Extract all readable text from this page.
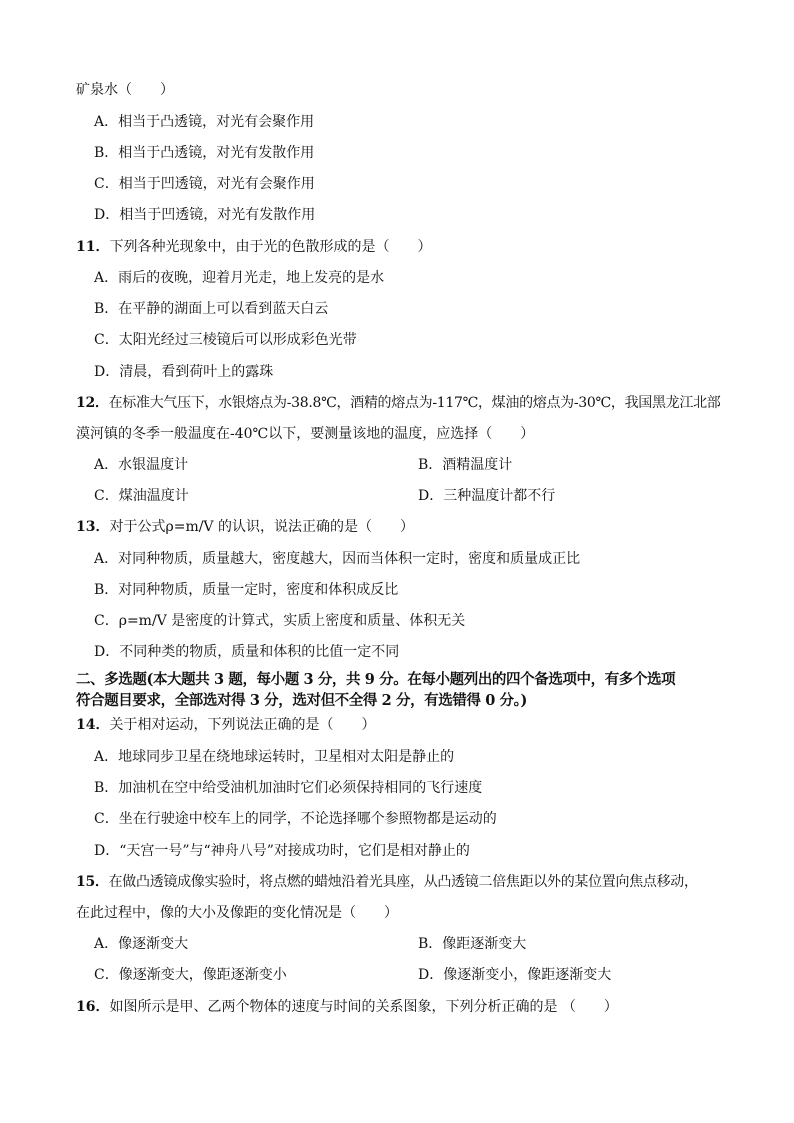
矿泉水（　　）
A．相当于凸透镜，对光有会聚作用
B．相当于凸透镜，对光有发散作用
C．相当于凹透镜，对光有会聚作用
D．相当于凹透镜，对光有发散作用
11．下列各种光现象中，由于光的色散形成的是（　　）
A．雨后的夜晚，迎着月光走，地上发亮的是水
B．在平静的湖面上可以看到蓝天白云
C．太阳光经过三棱镜后可以形成彩色光带
D．清晨，看到荷叶上的露珠
12．在标准大气压下，水银熔点为-38.8℃，酒精的熔点为-117℃，煤油的熔点为-30℃，我国黑龙江北部
漠河镇的冬季一般温度在-40℃以下，要测量该地的温度，应选择（　　）
A．水银温度计	B．酒精温度计
C．煤油温度计	D．三种温度计都不行
13．对于公式ρ=m/V 的认识，说法正确的是（　　）
A．对同种物质，质量越大，密度越大，因而当体积一定时，密度和质量成正比
B．对同种物质，质量一定时，密度和体积成反比
C．ρ=m/V 是密度的计算式，实质上密度和质量、体积无关
D．不同种类的物质，质量和体积的比值一定不同
二、多选题(本大题共 3 题，每小题 3 分，共 9 分。在每小题列出的四个备选项中，有多个选项
符合题目要求，全部选对得 3 分，选对但不全得 2 分，有选错得 0 分。)
14．关于相对运动，下列说法正确的是（　　）
A．地球同步卫星在绕地球运转时，卫星相对太阳是静止的
B．加油机在空中给受油机加油时它们必须保持相同的飞行速度
C．坐在行驶途中校车上的同学，不论选择哪个参照物都是运动的
D．“天宫一号”与“神舟八号”对接成功时，它们是相对静止的
15．在做凸透镜成像实验时，将点燃的蜡烛沿着光具座，从凸透镜二倍焦距以外的某位置向焦点移动，
在此过程中，像的大小及像距的变化情况是（　　）
A．像逐渐变大	B．像距逐渐变大
C．像逐渐变大，像距逐渐变小	D．像逐渐变小，像距逐渐变大
16．如图所示是甲、乙两个物体的速度与时间的关系图象，下列分析正确的是 （　　）
